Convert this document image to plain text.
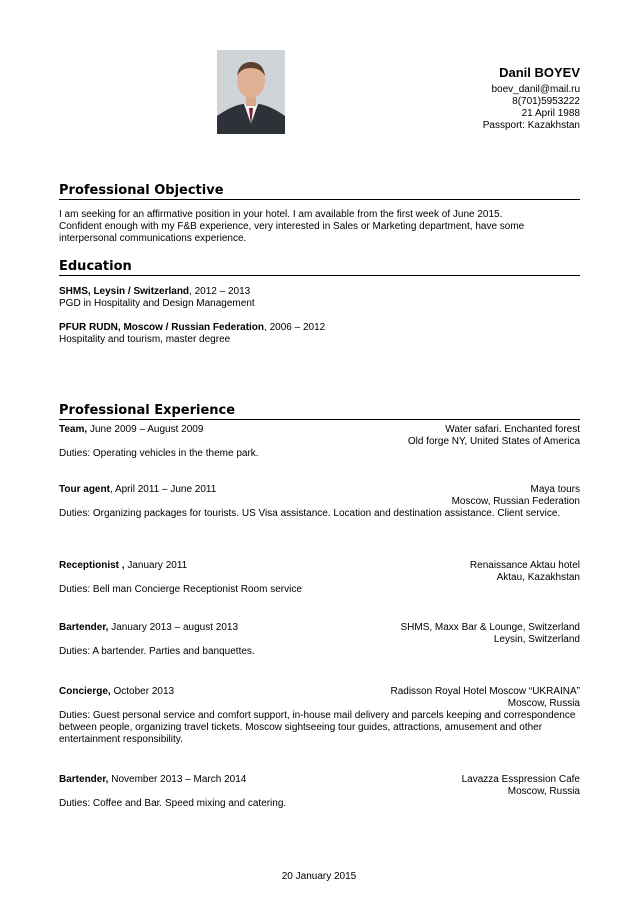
Danil BOYEV
boev_danil@mail.ru
8(701)5953222
21 April 1988
Passport: Kazakhstan
Professional Objective
I am seeking for an affirmative position in your hotel. I am available from the first week of June 2015.
Confident enough with my F&B experience, very interested in Sales or Marketing department, have some
interpersonal communications experience.
Education
SHMS, Leysin / Switzerland, 2012 – 2013
PGD in Hospitality and Design Management
PFUR RUDN, Moscow / Russian Federation, 2006 – 2012
Hospitality and tourism, master degree
Professional Experience
Team, June 2009 – August 2009	Water safari. Enchanted forest
Old forge NY, United States of America
Duties: Operating vehicles in the theme park.
Tour agent, April 2011 – June 2011	Maya tours
Moscow, Russian Federation
Duties: Organizing packages for tourists. US Visa assistance. Location and destination assistance. Client service.
Receptionist , January 2011	Renaissance Aktau hotel
Aktau, Kazakhstan
Duties: Bell man Concierge Receptionist Room service
Bartender, January 2013 – august 2013	SHMS, Maxx Bar & Lounge, Switzerland
Leysin, Switzerland
Duties: A bartender. Parties and banquettes.
Concierge, October 2013	Radisson Royal Hotel Moscow “UKRAINA”
Moscow, Russia
Duties: Guest personal service and comfort support, in-house mail delivery and parcels keeping and correspondence between people, organizing travel tickets. Moscow sightseeing tour guides, attractions, amusement and other entertainment responsibility.
Bartender, November 2013 – March 2014	Lavazza Esspression Cafe
Moscow, Russia
Duties: Coffee and Bar. Speed mixing and catering.
20 January 2015
